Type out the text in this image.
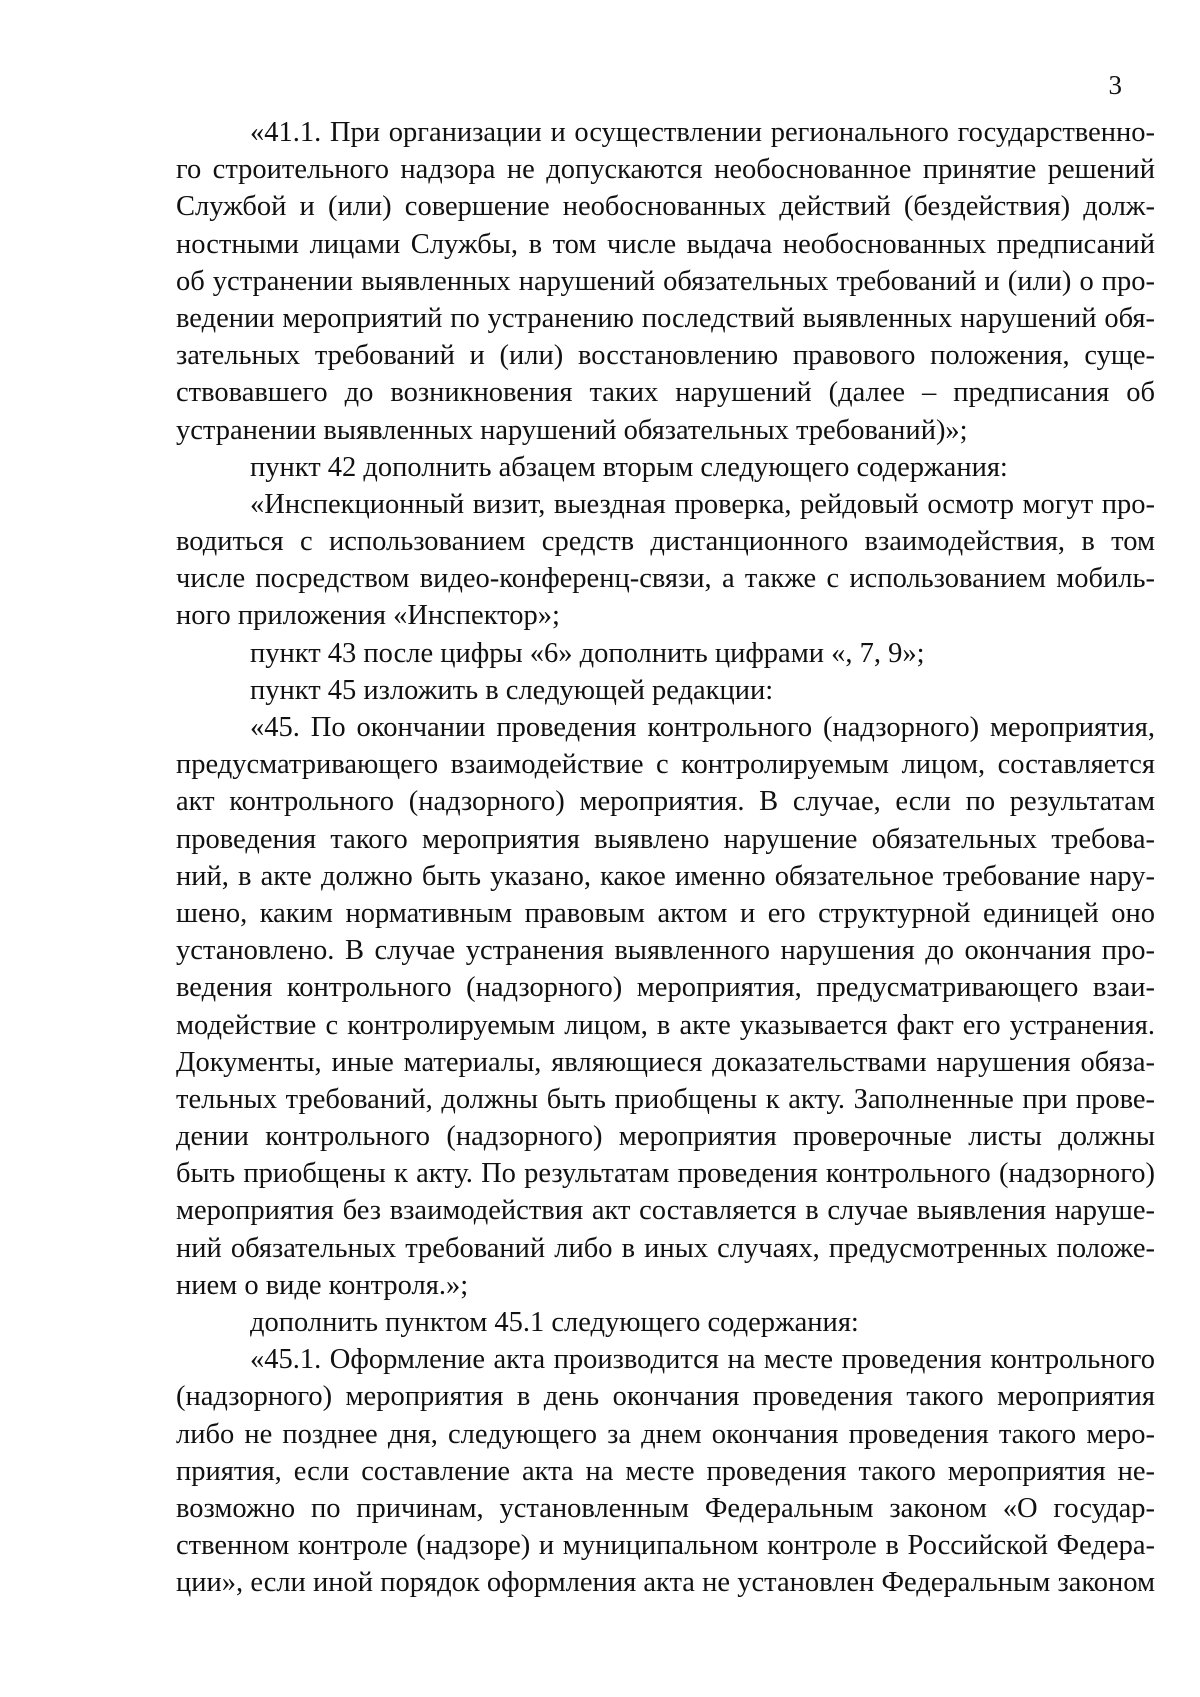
3
«41.1. При организации и осуществлении регионального государственно-
го строительного надзора не допускаются необоснованное принятие решений
Службой и (или) совершение необоснованных действий (бездействия) долж-
ностными лицами Службы, в том числе выдача необоснованных предписаний
об устранении выявленных нарушений обязательных требований и (или) о про-
ведении мероприятий по устранению последствий выявленных нарушений обя-
зательных требований и (или) восстановлению правового положения, суще-
ствовавшего до возникновения таких нарушений (далее – предписания об
устранении выявленных нарушений обязательных требований)»;
пункт 42 дополнить абзацем вторым следующего содержания:
«Инспекционный визит, выездная проверка, рейдовый осмотр могут про-
водиться с использованием средств дистанционного взаимодействия, в том
числе посредством видео-конференц-связи, а также с использованием мобиль-
ного приложения «Инспектор»;
пункт 43 после цифры «6» дополнить цифрами «, 7, 9»;
пункт 45 изложить в следующей редакции:
«45. По окончании проведения контрольного (надзорного) мероприятия,
предусматривающего взаимодействие с контролируемым лицом, составляется
акт контрольного (надзорного) мероприятия. В случае, если по результатам
проведения такого мероприятия выявлено нарушение обязательных требова-
ний, в акте должно быть указано, какое именно обязательное требование нару-
шено, каким нормативным правовым актом и его структурной единицей оно
установлено. В случае устранения выявленного нарушения до окончания про-
ведения контрольного (надзорного) мероприятия, предусматривающего взаи-
модействие с контролируемым лицом, в акте указывается факт его устранения.
Документы, иные материалы, являющиеся доказательствами нарушения обяза-
тельных требований, должны быть приобщены к акту. Заполненные при прове-
дении контрольного (надзорного) мероприятия проверочные листы должны
быть приобщены к акту. По результатам проведения контрольного (надзорного)
мероприятия без взаимодействия акт составляется в случае выявления наруше-
ний обязательных требований либо в иных случаях, предусмотренных положе-
нием о виде контроля.»;
дополнить пунктом 45.1 следующего содержания:
«45.1. Оформление акта производится на месте проведения контрольного
(надзорного) мероприятия в день окончания проведения такого мероприятия
либо не позднее дня, следующего за днем окончания проведения такого меро-
приятия, если составление акта на месте проведения такого мероприятия не-
возможно по причинам, установленным Федеральным законом «О государ-
ственном контроле (надзоре) и муниципальном контроле в Российской Федера-
ции», если иной порядок оформления акта не установлен Федеральным законом
